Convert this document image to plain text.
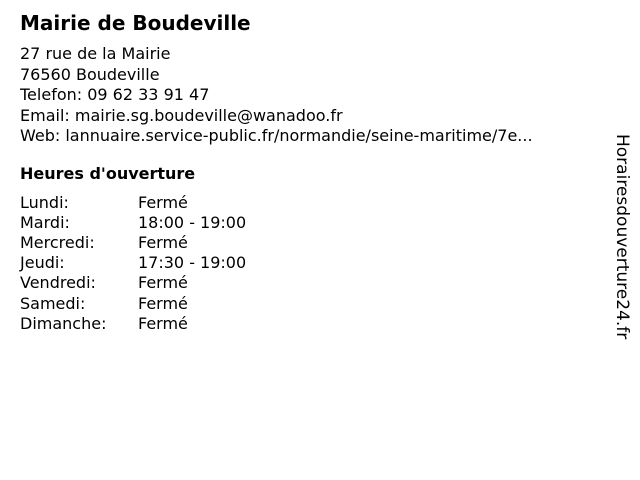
Mairie de Boudeville
27 rue de la Mairie
76560 Boudeville
Telefon: 09 62 33 91 47
Email: mairie.sg.boudeville@wanadoo.fr
Web: lannuaire.service-public.fr/normandie/seine-maritime/7e...
Heures d'ouverture
Lundi:	Fermé
Mardi:	18:00 - 19:00
Mercredi:	Fermé
Jeudi:	17:30 - 19:00
Vendredi:	Fermé
Samedi:	Fermé
Dimanche:	Fermé	Horairesdouverture24.fr
